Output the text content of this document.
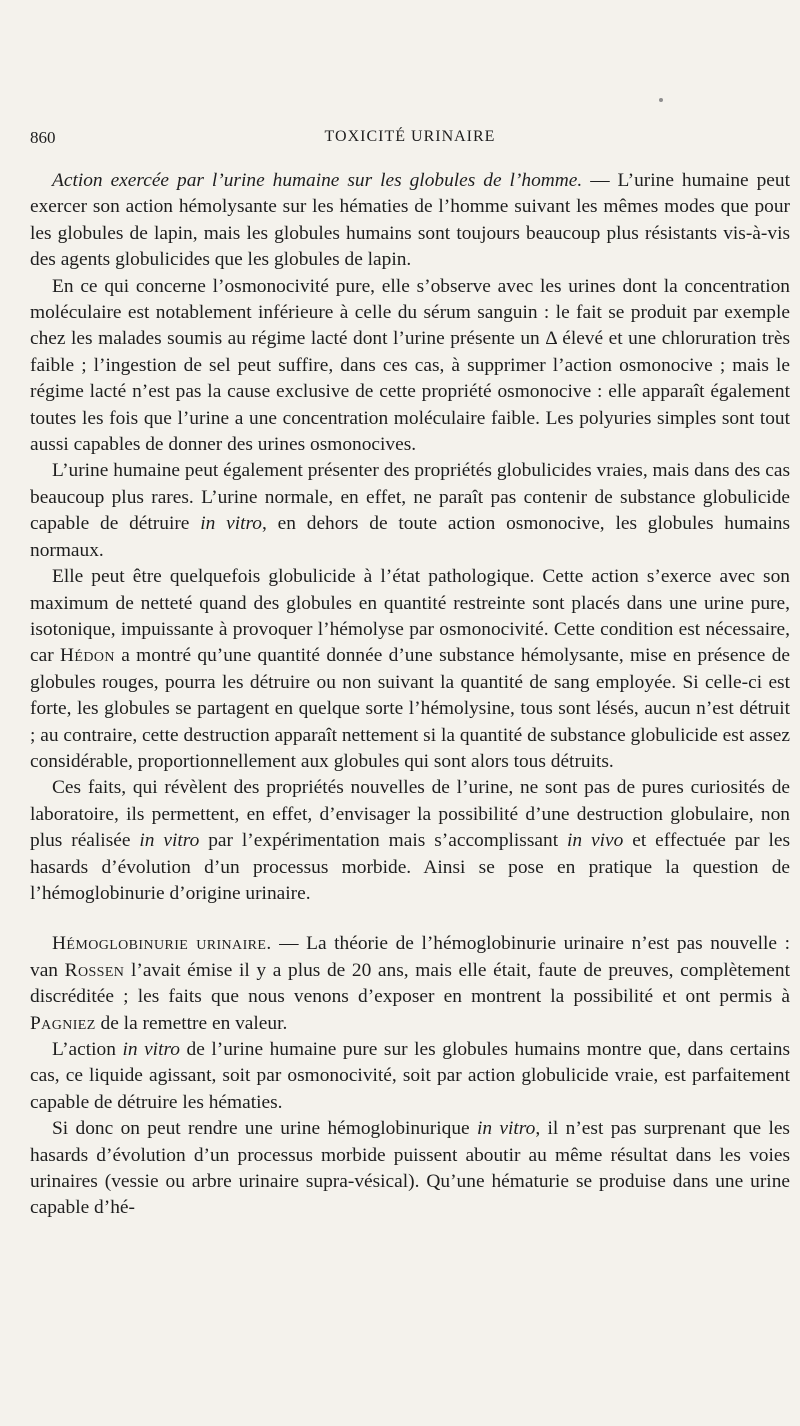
860	TOXICITÉ URINAIRE

Action exercée par l’urine humaine sur les globules de l’homme. — L’urine humaine peut exercer son action hémolysante sur les hématies de l’homme suivant les mêmes modes que pour les globules de lapin, mais les globules humains sont toujours beaucoup plus résistants vis-à-vis des agents globulicides que les globules de lapin.

En ce qui concerne l’osmonocivité pure, elle s’observe avec les urines dont la concentration moléculaire est notablement inférieure à celle du sérum sanguin : le fait se produit par exemple chez les malades soumis au régime lacté dont l’urine présente un Δ élevé et une chloruration très faible ; l’ingestion de sel peut suffire, dans ces cas, à supprimer l’action osmonocive ; mais le régime lacté n’est pas la cause exclusive de cette propriété osmonocive : elle apparaît également toutes les fois que l’urine a une concentration moléculaire faible. Les polyuries simples sont tout aussi capables de donner des urines osmonocives.

L’urine humaine peut également présenter des propriétés globulicides vraies, mais dans des cas beaucoup plus rares. L’urine normale, en effet, ne paraît pas contenir de substance globulicide capable de détruire in vitro, en dehors de toute action osmonocive, les globules humains normaux.

Elle peut être quelquefois globulicide à l’état pathologique. Cette action s’exerce avec son maximum de netteté quand des globules en quantité restreinte sont placés dans une urine pure, isotonique, impuissante à provoquer l’hémolyse par osmonocivité. Cette condition est nécessaire, car Hédon a montré qu’une quantité donnée d’une substance hémolysante, mise en présence de globules rouges, pourra les détruire ou non suivant la quantité de sang employée. Si celle-ci est forte, les globules se partagent en quelque sorte l’hémolysine, tous sont lésés, aucun n’est détruit ; au contraire, cette destruction apparaît nettement si la quantité de substance globulicide est assez considérable, proportionnellement aux globules qui sont alors tous détruits.

Ces faits, qui révèlent des propriétés nouvelles de l’urine, ne sont pas de pures curiosités de laboratoire, ils permettent, en effet, d’envisager la possibilité d’une destruction globulaire, non plus réalisée in vitro par l’expérimentation mais s’accomplissant in vivo et effectuée par les hasards d’évolution d’un processus morbide. Ainsi se pose en pratique la question de l’hémoglobinurie d’origine urinaire.

Hémoglobinurie urinaire. — La théorie de l’hémoglobinurie urinaire n’est pas nouvelle : van Rossen l’avait émise il y a plus de 20 ans, mais elle était, faute de preuves, complètement discréditée ; les faits que nous venons d’exposer en montrent la possibilité et ont permis à Pagniez de la remettre en valeur.

L’action in vitro de l’urine humaine pure sur les globules humains montre que, dans certains cas, ce liquide agissant, soit par osmonocivité, soit par action globulicide vraie, est parfaitement capable de détruire les hématies.

Si donc on peut rendre une urine hémoglobinurique in vitro, il n’est pas surprenant que les hasards d’évolution d’un processus morbide puissent aboutir au même résultat dans les voies urinaires (vessie ou arbre urinaire supra-vésical). Qu’une hématurie se produise dans une urine capable d’hé-
